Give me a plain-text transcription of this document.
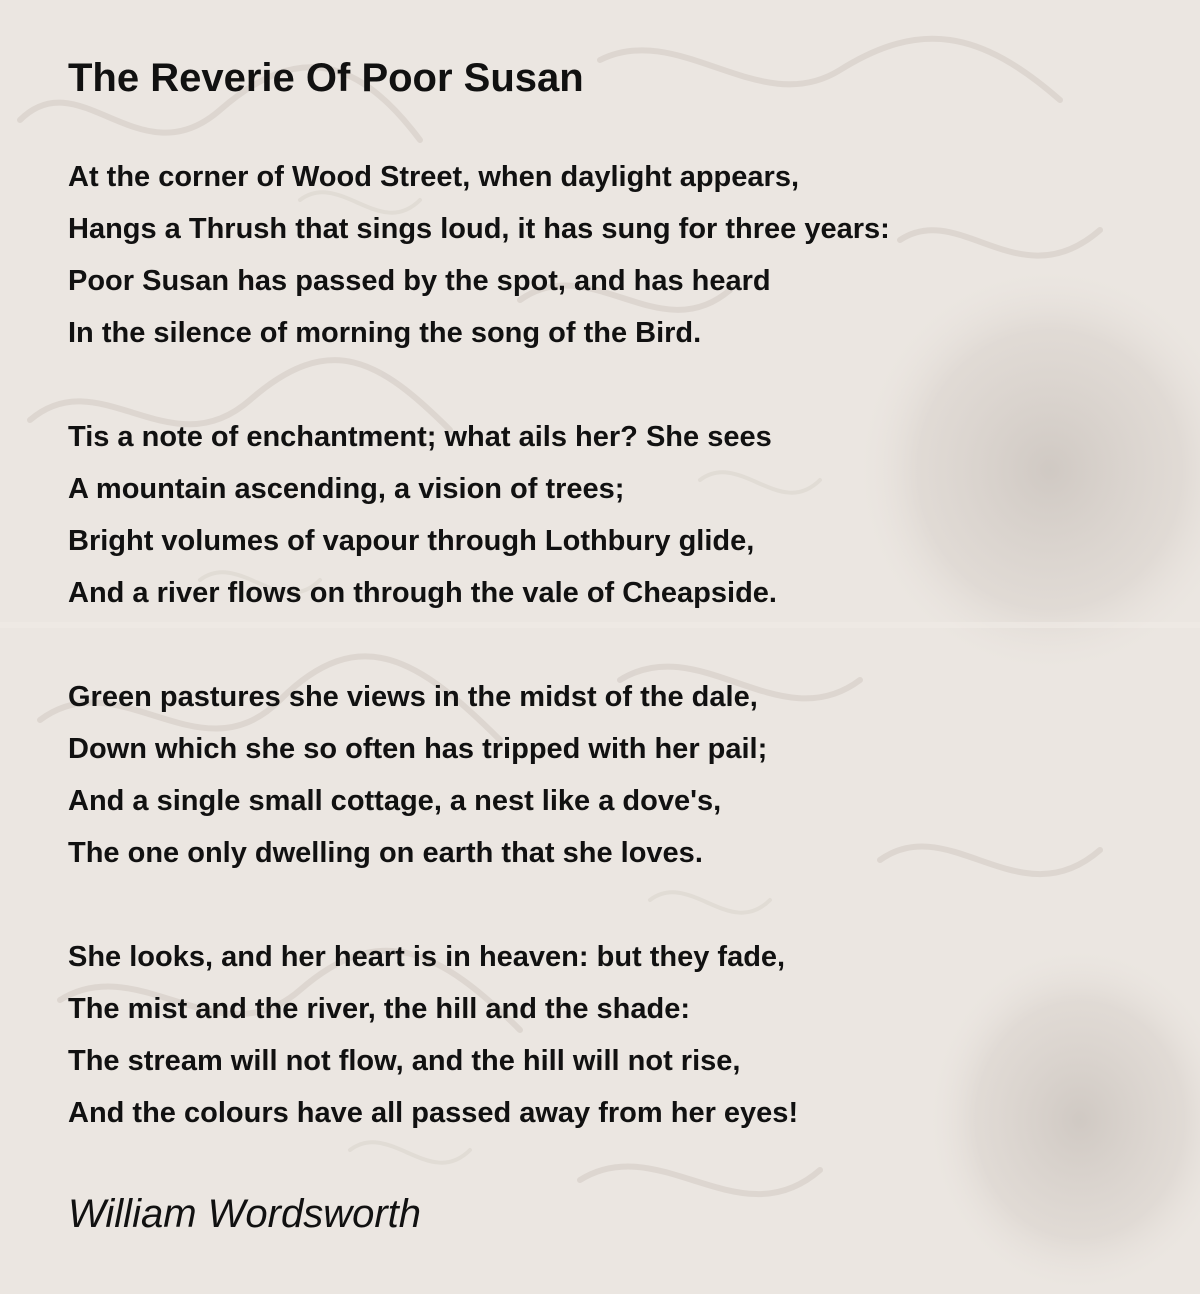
The Reverie Of Poor Susan
At the corner of Wood Street, when daylight appears,
Hangs a Thrush that sings loud, it has sung for three years:
Poor Susan has passed by the spot, and has heard
In the silence of morning the song of the Bird.
Tis a note of enchantment; what ails her? She sees
A mountain ascending, a vision of trees;
Bright volumes of vapour through Lothbury glide,
And a river flows on through the vale of Cheapside.
Green pastures she views in the midst of the dale,
Down which she so often has tripped with her pail;
And a single small cottage, a nest like a dove's,
The one only dwelling on earth that she loves.
She looks, and her heart is in heaven: but they fade,
The mist and the river, the hill and the shade:
The stream will not flow, and the hill will not rise,
And the colours have all passed away from her eyes!
William Wordsworth
